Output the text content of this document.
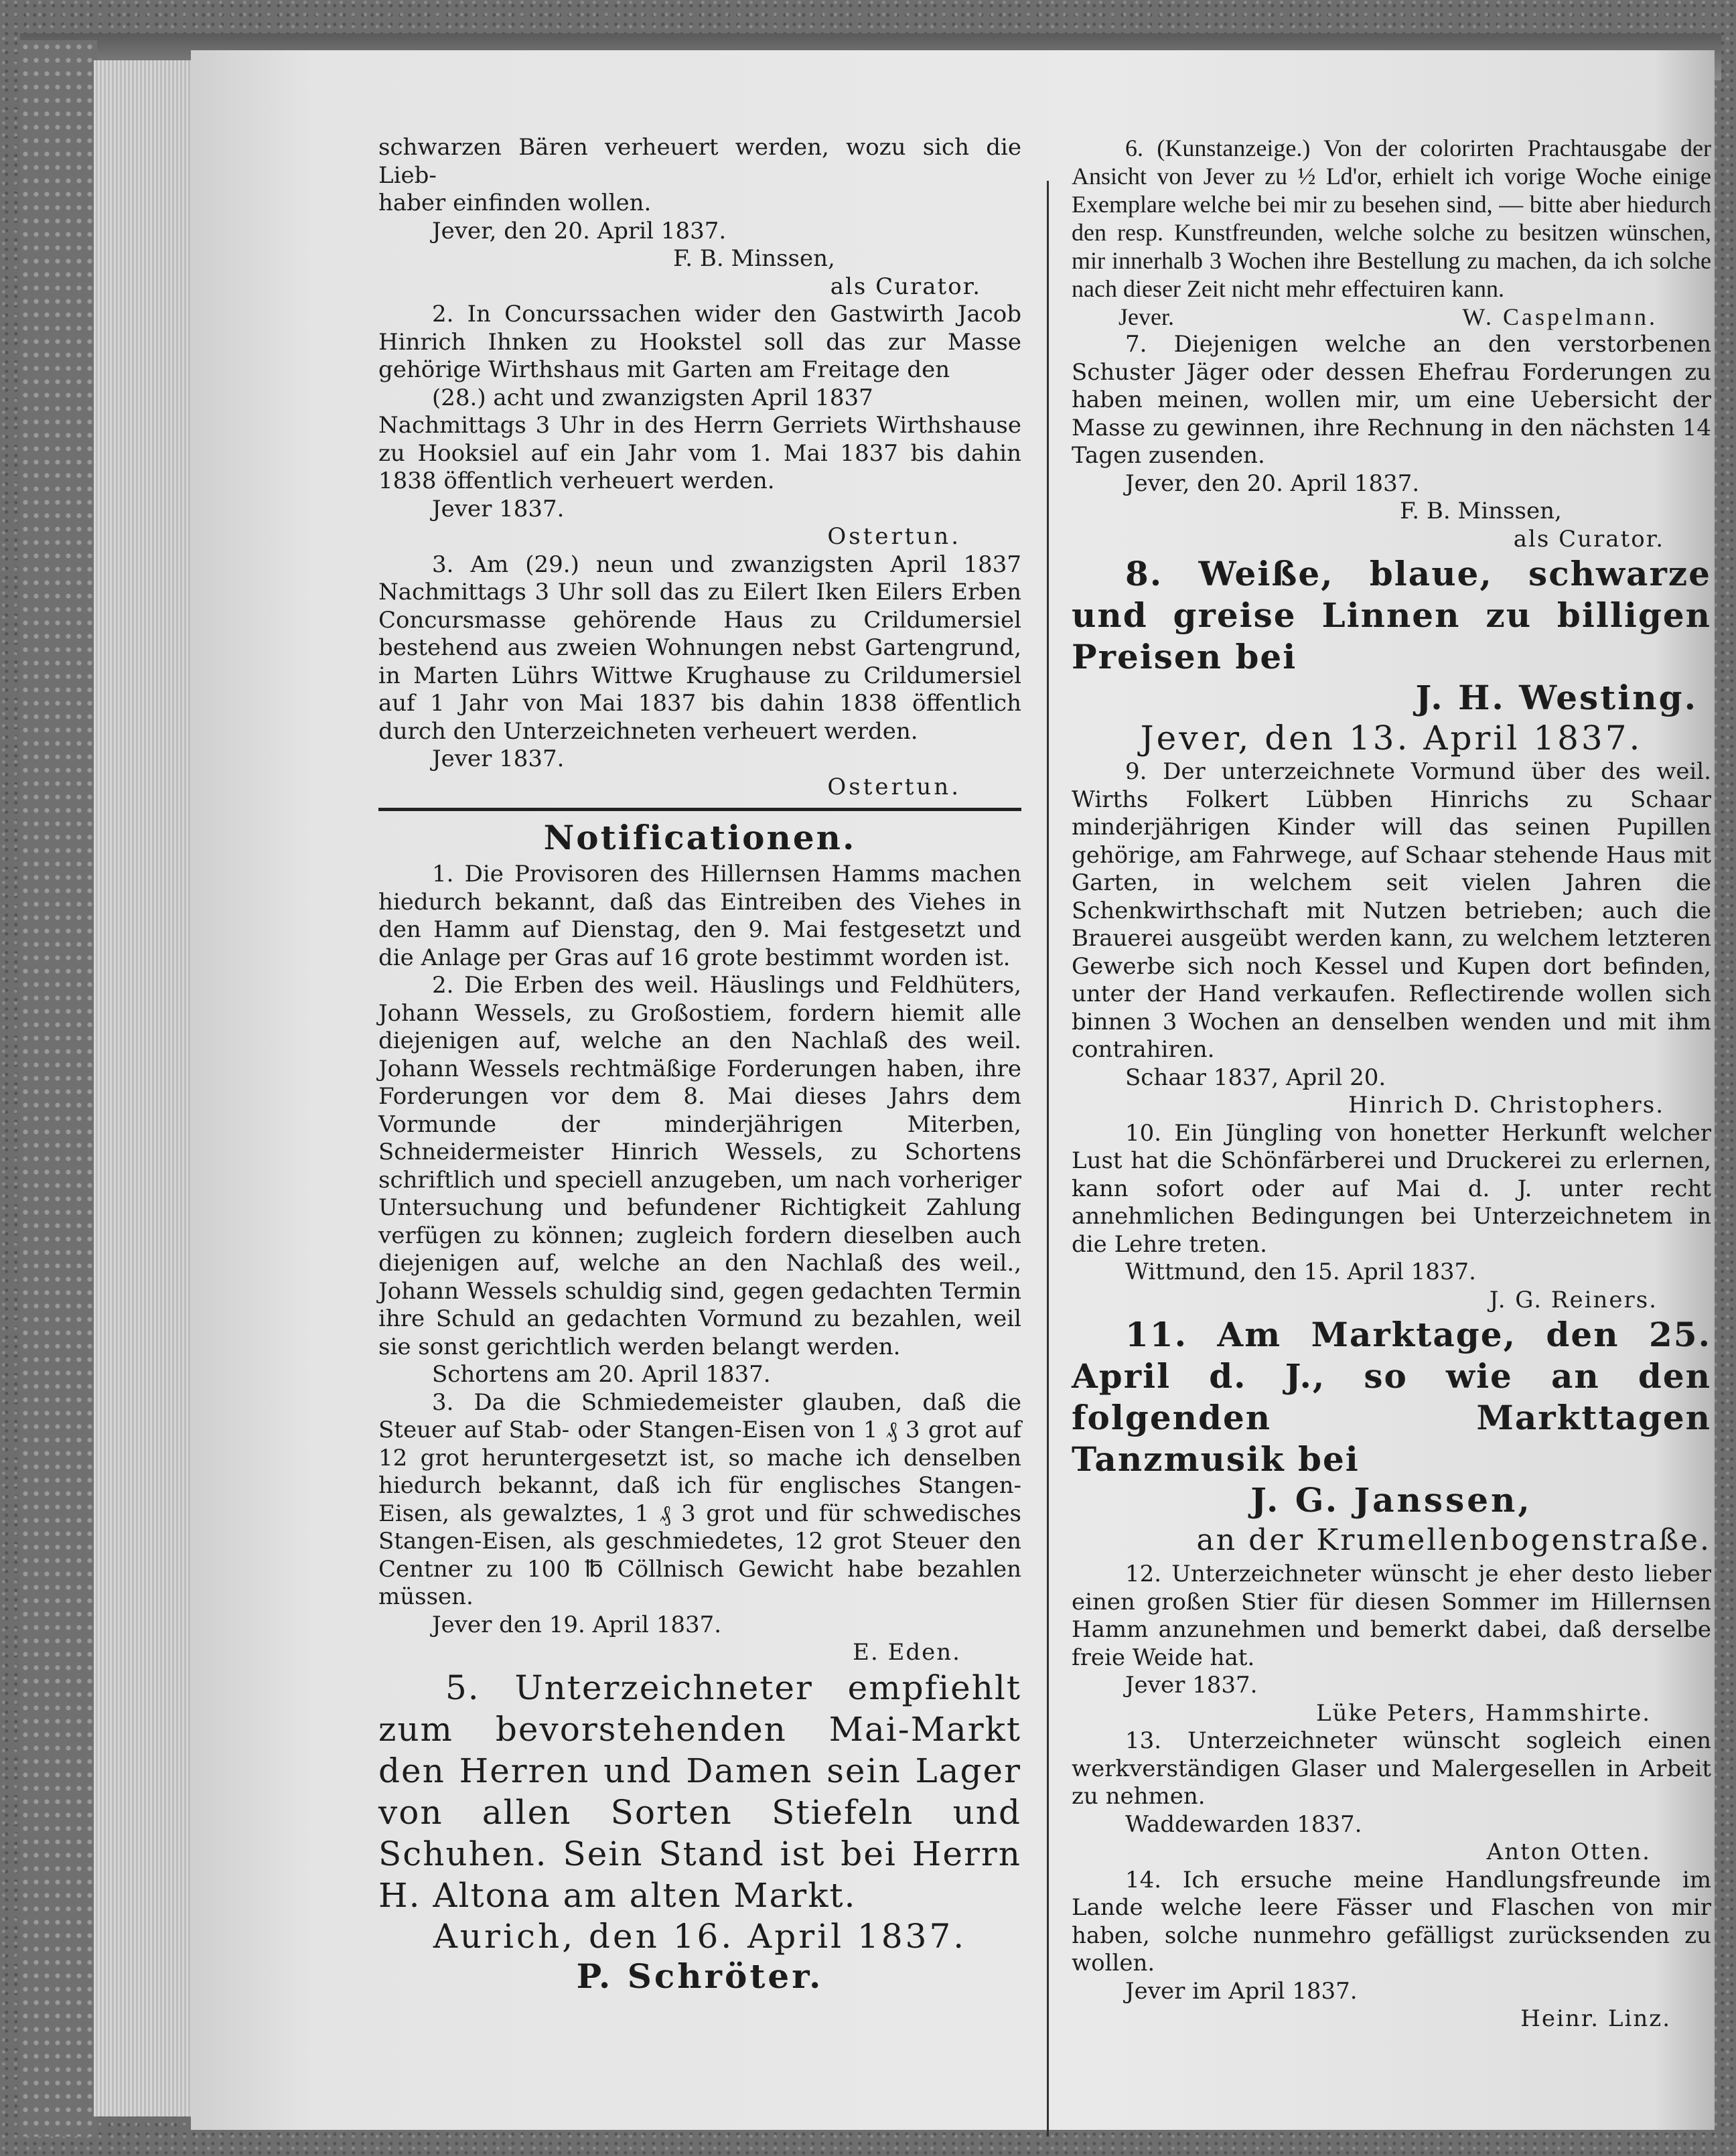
schwarzen Bären verheuert werden, wozu sich die Lieb-
haber einfinden wollen.

Jever, den 20. April 1837.

F. B. Minssen,

als Curator.

2. In Concurssachen wider den Gastwirth Jacob Hinrich Ihnken zu Hookstel soll das zur Masse gehörige Wirthshaus mit Garten am Freitage den

(28.) acht und zwanzigsten April 1837

Nachmittags 3 Uhr in des Herrn Gerriets Wirthshause zu Hooksiel auf ein Jahr vom 1. Mai 1837 bis dahin 1838 öffentlich verheuert werden.

Jever 1837.

Ostertun.

3. Am (29.) neun und zwanzigsten April 1837 Nachmittags 3 Uhr soll das zu Eilert Iken Eilers Erben Concursmasse gehörende Haus zu Crildumersiel bestehend aus zweien Wohnungen nebst Gartengrund, in Marten Lührs Wittwe Krughause zu Crildumersiel auf 1 Jahr von Mai 1837 bis dahin 1838 öffentlich durch den Unterzeichneten verheuert werden.

Jever 1837.

Ostertun.

Notificationen.

1. Die Provisoren des Hillernsen Hamms machen hiedurch bekannt, daß das Eintreiben des Viehes in den Hamm auf Dienstag, den 9. Mai festgesetzt und die Anlage per Gras auf 16 grote bestimmt worden ist.

2. Die Erben des weil. Häuslings und Feldhüters, Johann Wessels, zu Großostiem, fordern hiemit alle diejenigen auf, welche an den Nachlaß des weil. Johann Wessels rechtmäßige Forderungen haben, ihre Forderungen vor dem 8. Mai dieses Jahrs dem Vormunde der minderjährigen Miterben, Schneidermeister Hinrich Wessels, zu Schortens schriftlich und speciell anzugeben, um nach vorheriger Untersuchung und befundener Richtigkeit Zahlung verfügen zu können; zugleich fordern dieselben auch diejenigen auf, welche an den Nachlaß des weil., Johann Wessels schuldig sind, gegen gedachten Termin ihre Schuld an gedachten Vormund zu bezahlen, weil sie sonst gerichtlich werden belangt werden.

Schortens am 20. April 1837.

3. Da die Schmiedemeister glauben, daß die Steuer auf Stab- oder Stangen-Eisen von 1 ₰ 3 grot auf 12 grot heruntergesetzt ist, so mache ich denselben hiedurch bekannt, daß ich für englisches Stangen-Eisen, als gewalztes, 1 ₰ 3 grot und für schwedisches Stangen-Eisen, als geschmiedetes, 12 grot Steuer den Centner zu 100 ℔ Cöllnisch Gewicht habe bezahlen müssen.

Jever den 19. April 1837.

E. Eden.

5. Unterzeichneter empfiehlt zum bevorstehenden Mai-Markt den Herren und Damen sein Lager von allen Sorten Stiefeln und Schuhen. Sein Stand ist bei Herrn H. Altona am alten Markt.

Aurich, den 16. April 1837.

P. Schröter.

6. (Kunstanzeige.) Von der colorirten Prachtausgabe der Ansicht von Jever zu ½ Ld'or, erhielt ich vorige Woche einige Exemplare welche bei mir zu besehen sind, — bitte aber hiedurch den resp. Kunstfreunden, welche solche zu besitzen wünschen, mir innerhalb 3 Wochen ihre Bestellung zu machen, da ich solche nach dieser Zeit nicht mehr effectuiren kann.

Jever.	W. Caspelmann.

7. Diejenigen welche an den verstorbenen Schuster Jäger oder dessen Ehefrau Forderungen zu haben meinen, wollen mir, um eine Uebersicht der Masse zu gewinnen, ihre Rechnung in den nächsten 14 Tagen zusenden.

Jever, den 20. April 1837.

F. B. Minssen,

als Curator.

8. Weiße, blaue, schwarze und greise Linnen zu billigen Preisen bei

J. H. Westing.

Jever, den 13. April 1837.

9. Der unterzeichnete Vormund über des weil. Wirths Folkert Lübben Hinrichs zu Schaar minderjährigen Kinder will das seinen Pupillen gehörige, am Fahrwege, auf Schaar stehende Haus mit Garten, in welchem seit vielen Jahren die Schenkwirthschaft mit Nutzen betrieben; auch die Brauerei ausgeübt werden kann, zu welchem letzteren Gewerbe sich noch Kessel und Kupen dort befinden, unter der Hand verkaufen. Reflectirende wollen sich binnen 3 Wochen an denselben wenden und mit ihm contrahiren.

Schaar 1837, April 20.

Hinrich D. Christophers.

10. Ein Jüngling von honetter Herkunft welcher Lust hat die Schönfärberei und Druckerei zu erlernen, kann sofort oder auf Mai d. J. unter recht annehmlichen Bedingungen bei Unterzeichnetem in die Lehre treten.

Wittmund, den 15. April 1837.

J. G. Reiners.

11. Am Marktage, den 25. April d. J., so wie an den folgenden Markttagen Tanzmusik bei

J. G. Janssen,

an der Krumellenbogenstraße.

12. Unterzeichneter wünscht je eher desto lieber einen großen Stier für diesen Sommer im Hillernsen Hamm anzunehmen und bemerkt dabei, daß derselbe freie Weide hat.

Jever 1837.

Lüke Peters, Hammshirte.

13. Unterzeichneter wünscht sogleich einen werkverständigen Glaser und Malergesellen in Arbeit zu nehmen.

Waddewarden 1837.

Anton Otten.

14. Ich ersuche meine Handlungsfreunde im Lande welche leere Fässer und Flaschen von mir haben, solche nunmehro gefälligst zurücksenden zu wollen.

Jever im April 1837.

Heinr. Linz.
